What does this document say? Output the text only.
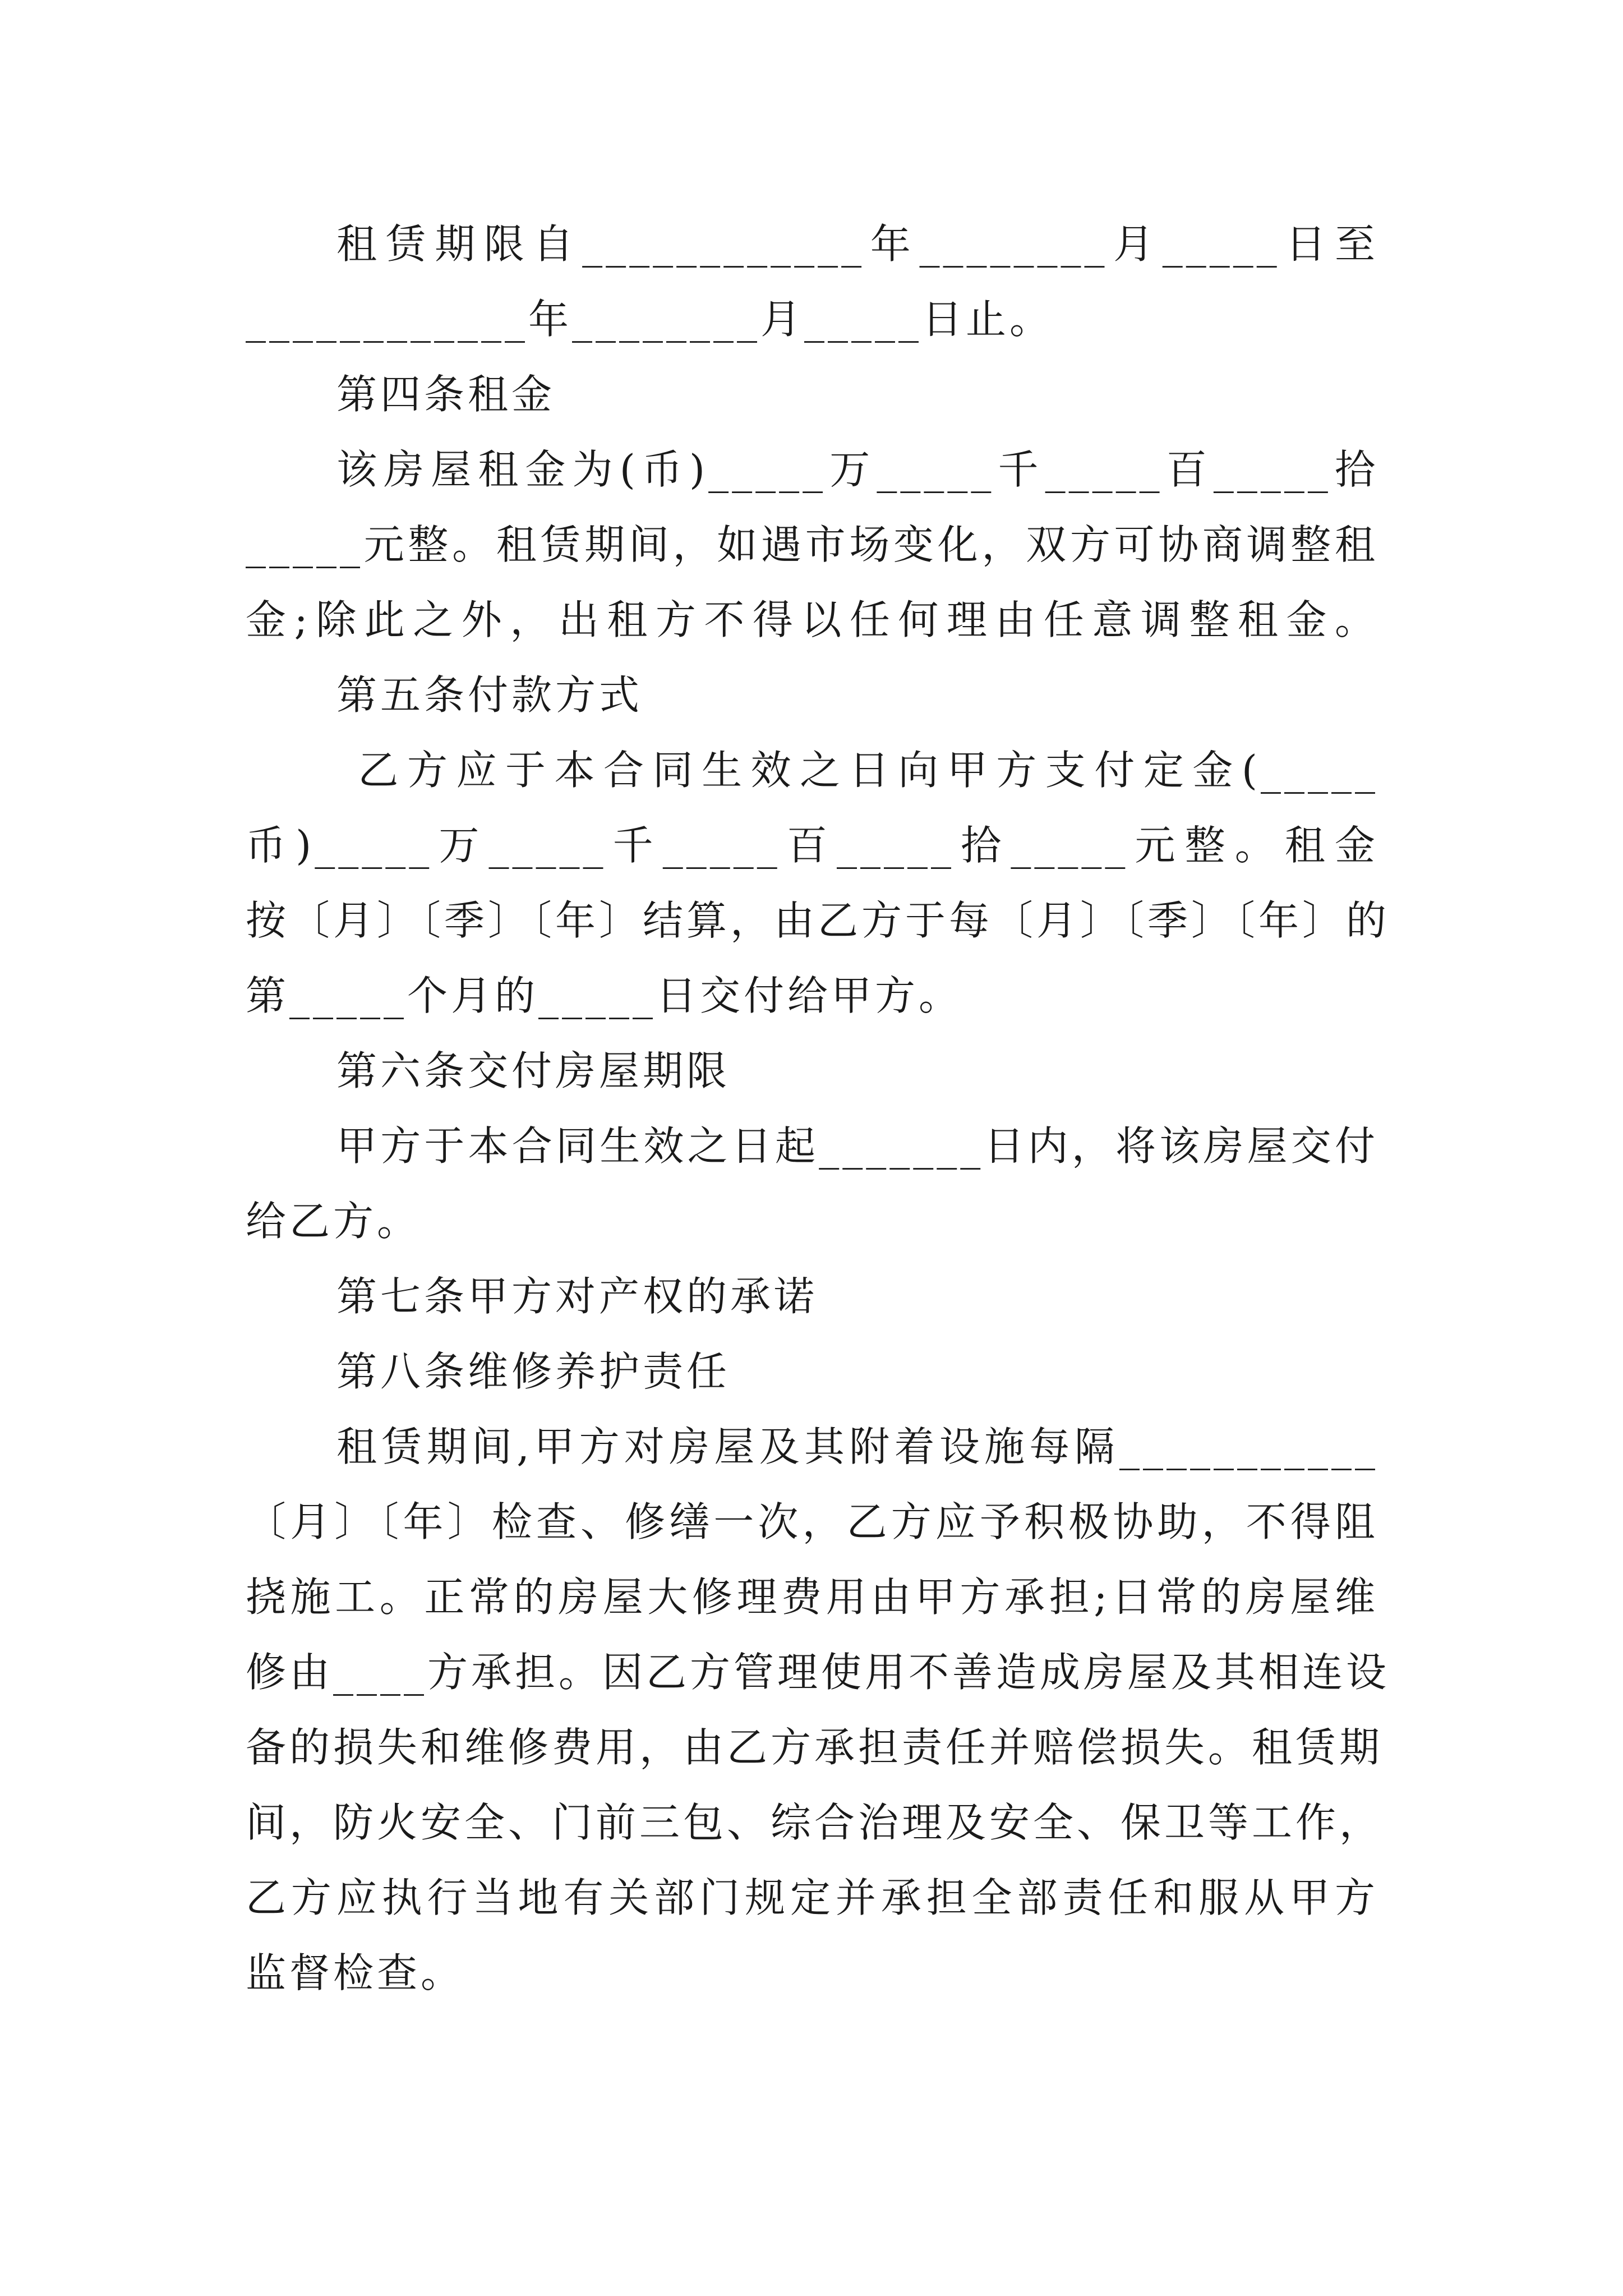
租赁期限自____________年________月_____日至
____________年________月_____日止。
第四条租金
该房屋租金为(币)_____万_____千_____百_____拾
_____元整。租赁期间，如遇市场变化，双方可协商调整租
金;除此之外，出租方不得以任何理由任意调整租金。
第五条付款方式
乙方应于本合同生效之日向甲方支付定金(_____
币)_____万_____千_____百_____拾_____元整。租金
按〔月〕〔季〕〔年〕结算，由乙方于每〔月〕〔季〕〔年〕的
第_____个月的_____日交付给甲方。
第六条交付房屋期限
甲方于本合同生效之日起_______日内，将该房屋交付
给乙方。
第七条甲方对产权的承诺
第八条维修养护责任
租赁期间,甲方对房屋及其附着设施每隔___________
〔月〕〔年〕检查、修缮一次，乙方应予积极协助，不得阻
挠施工。正常的房屋大修理费用由甲方承担;日常的房屋维
修由____方承担。因乙方管理使用不善造成房屋及其相连设
备的损失和维修费用，由乙方承担责任并赔偿损失。租赁期
间，防火安全、门前三包、综合治理及安全、保卫等工作，
乙方应执行当地有关部门规定并承担全部责任和服从甲方
监督检查。
